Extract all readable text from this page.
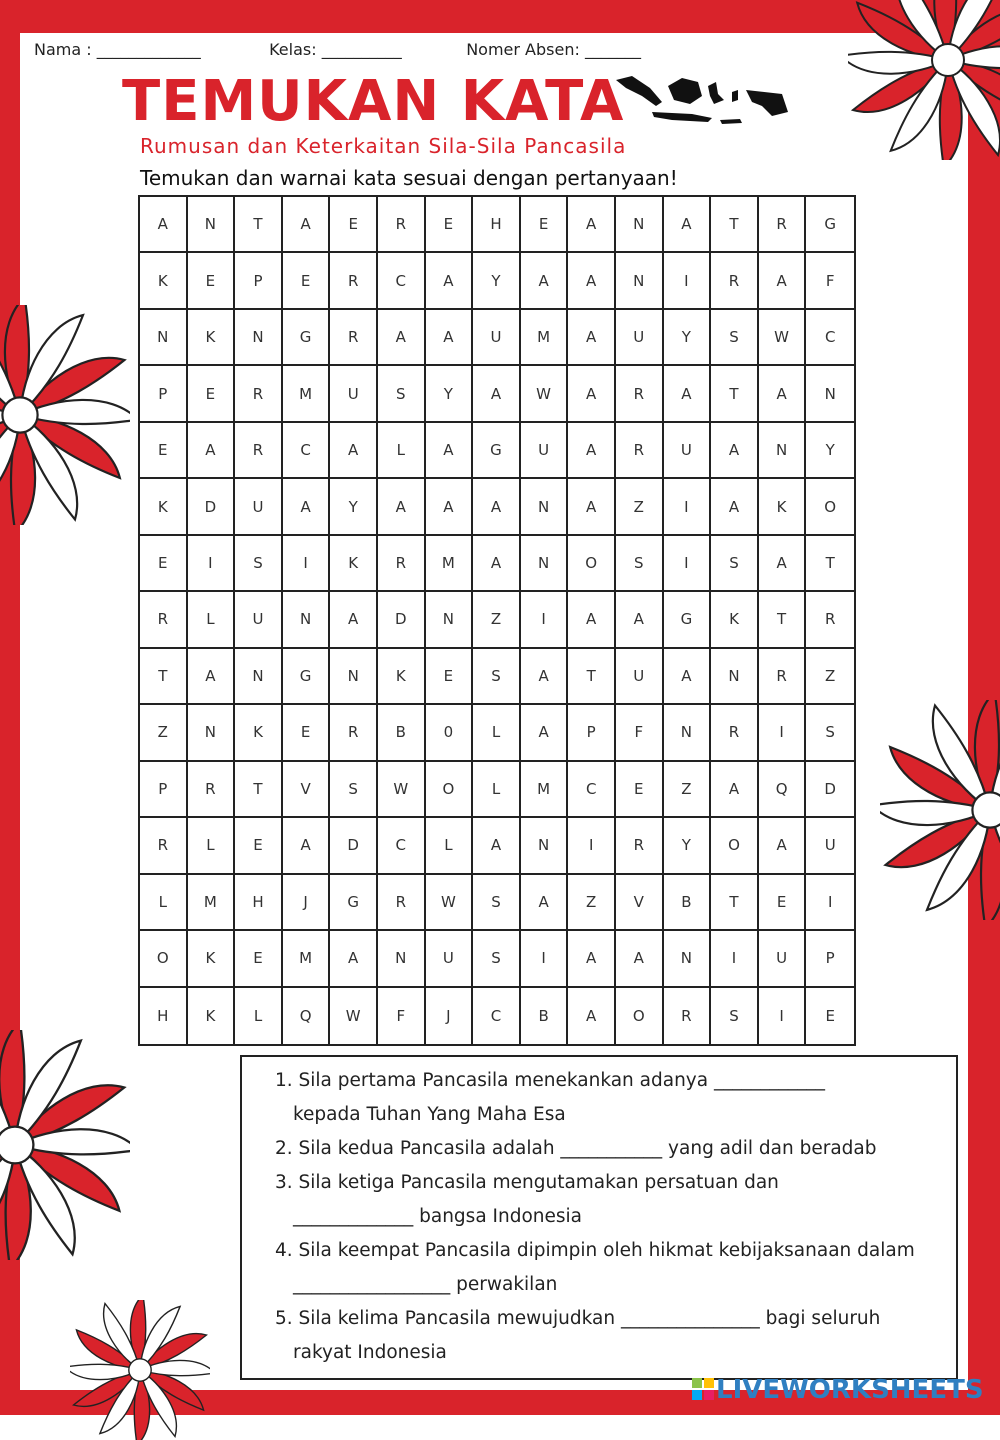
Nama : _____________	Kelas: __________	Nomer Absen: _______
TEMUKAN KATA
Rumusan dan Keterkaitan Sila-Sila Pancasila
Temukan dan warnai kata sesuai dengan pertanyaan!
A	N	T	A	E	R	E	H	E	A	N	A	T	R	G
K	E	P	E	R	C	A	Y	A	A	N	I	R	A	F
N	K	N	G	R	A	A	U	M	A	U	Y	S	W	C
P	E	R	M	U	S	Y	A	W	A	R	A	T	A	N
E	A	R	C	A	L	A	G	U	A	R	U	A	N	Y
K	D	U	A	Y	A	A	A	N	A	Z	I	A	K	O
E	I	S	I	K	R	M	A	N	O	S	I	S	A	T
R	L	U	N	A	D	N	Z	I	A	A	G	K	T	R
T	A	N	G	N	K	E	S	A	T	U	A	N	R	Z
Z	N	K	E	R	B	0	L	A	P	F	N	R	I	S
P	R	T	V	S	W	O	L	M	C	E	Z	A	Q	D
R	L	E	A	D	C	L	A	N	I	R	Y	O	A	U
L	M	H	J	G	R	W	S	A	Z	V	B	T	E	I
O	K	E	M	A	N	U	S	I	A	A	N	I	U	P
H	K	L	Q	W	F	J	C	B	A	O	R	S	I	E
1. Sila pertama Pancasila menekankan adanya ____________
kepada Tuhan Yang Maha Esa
2. Sila kedua Pancasila adalah ___________ yang adil dan beradab
3. Sila ketiga Pancasila mengutamakan persatuan dan
_____________ bangsa Indonesia
4. Sila keempat Pancasila dipimpin oleh hikmat kebijaksanaan dalam
_________________ perwakilan
5. Sila kelima Pancasila mewujudkan _______________ bagi seluruh
rakyat Indonesia
LIVEWORKSHEETS
